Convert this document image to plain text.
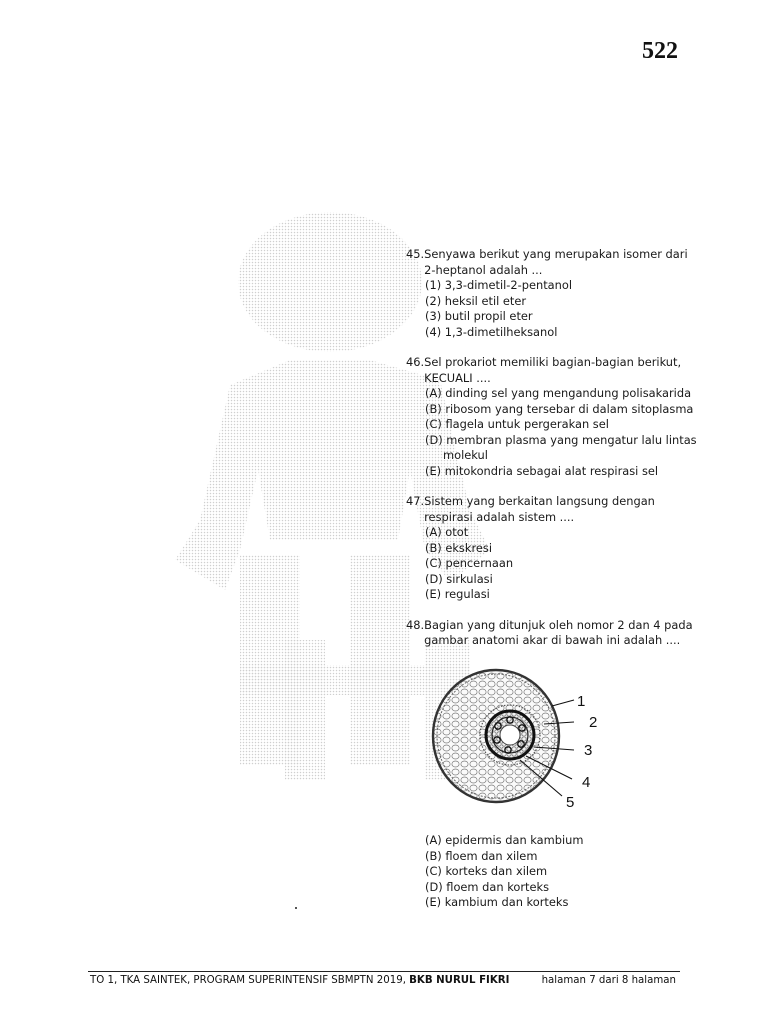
522
45. Senyawa berikut yang merupakan isomer dari
2-heptanol adalah ...
(1) 3,3-dimetil-2-pentanol
(2) heksil etil eter
(3) butil propil eter
(4) 1,3-dimetilheksanol
46. Sel prokariot memiliki bagian-bagian berikut,
KECUALI ....
(A) dinding sel yang mengandung polisakarida
(B) ribosom yang tersebar di dalam sitoplasma
(C) flagela untuk pergerakan sel
(D) membran plasma yang mengatur lalu lintas
molekul
(E) mitokondria sebagai alat respirasi sel
47. Sistem yang berkaitan langsung dengan
respirasi adalah sistem ....
(A) otot
(B) ekskresi
(C) pencernaan
(D) sirkulasi
(E) regulasi
48. Bagian yang ditunjuk oleh nomor 2 dan 4 pada
gambar anatomi akar di bawah ini adalah ....
1
2
3
4
5
(A) epidermis dan kambium
(B) floem dan xilem
(C) korteks dan xilem
(D) floem dan korteks
(E) kambium dan korteks
TO 1, TKA SAINTEK, PROGRAM SUPERINTENSIF SBMPTN 2019, BKB NURUL FIKRI	halaman 7 dari 8 halaman
